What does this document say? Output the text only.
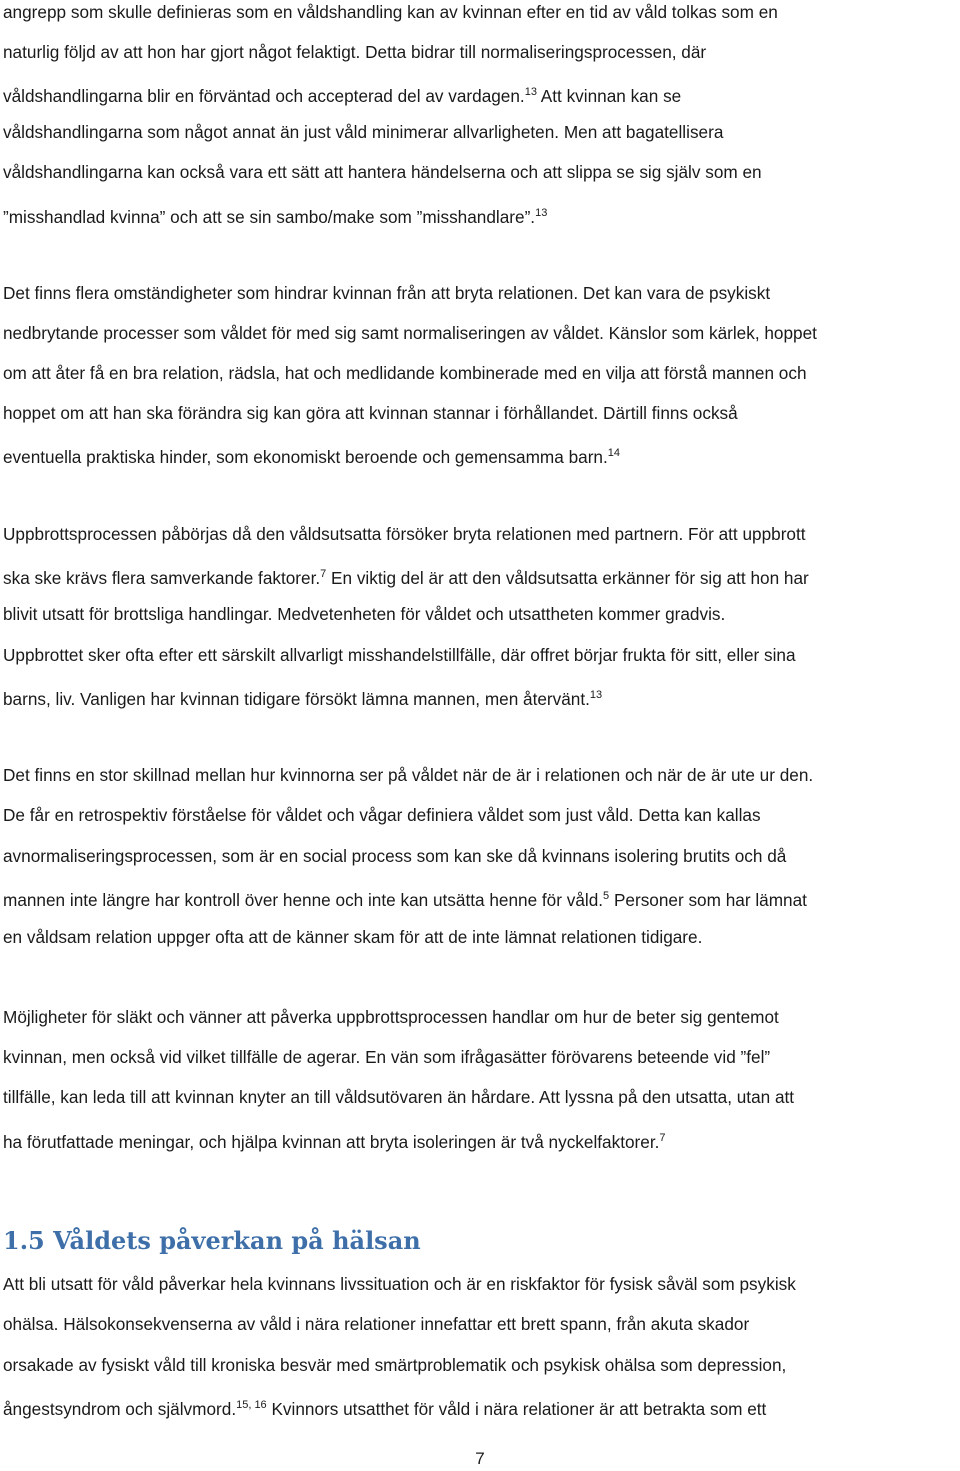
angrepp som skulle definieras som en våldshandling kan av kvinnan efter en tid av våld tolkas som en
naturlig följd av att hon har gjort något felaktigt. Detta bidrar till normaliseringsprocessen, där
våldshandlingarna blir en förväntad och accepterad del av vardagen.$^{13}$ Att kvinnan kan se
våldshandlingarna som något annat än just våld minimerar allvarligheten. Men att bagatellisera
våldshandlingarna kan också vara ett sätt att hantera händelserna och att slippa se sig själv som en
”misshandlad kvinna” och att se sin sambo/make som ”misshandlare”.$^{13}$
Det finns flera omständigheter som hindrar kvinnan från att bryta relationen. Det kan vara de psykiskt
nedbrytande processer som våldet för med sig samt normaliseringen av våldet. Känslor som kärlek, hoppet
om att åter få en bra relation, rädsla, hat och medlidande kombinerade med en vilja att förstå mannen och
hoppet om att han ska förändra sig kan göra att kvinnan stannar i förhållandet. Därtill finns också
eventuella praktiska hinder, som ekonomiskt beroende och gemensamma barn.$^{14}$
Uppbrottsprocessen påbörjas då den våldsutsatta försöker bryta relationen med partnern. För att uppbrott
ska ske krävs flera samverkande faktorer.$^7$ En viktig del är att den våldsutsatta erkänner för sig att hon har
blivit utsatt för brottsliga handlingar. Medvetenheten för våldet och utsattheten kommer gradvis.
Uppbrottet sker ofta efter ett särskilt allvarligt misshandelstillfälle, där offret börjar frukta för sitt, eller sina
barns, liv. Vanligen har kvinnan tidigare försökt lämna mannen, men återvänt.$^{13}$
Det finns en stor skillnad mellan hur kvinnorna ser på våldet när de är i relationen och när de är ute ur den.
De får en retrospektiv förståelse för våldet och vågar definiera våldet som just våld. Detta kan kallas
avnormaliseringsprocessen, som är en social process som kan ske då kvinnans isolering brutits och då
mannen inte längre har kontroll över henne och inte kan utsätta henne för våld.$^5$ Personer som har lämnat
en våldsam relation uppger ofta att de känner skam för att de inte lämnat relationen tidigare.
Möjligheter för släkt och vänner att påverka uppbrottsprocessen handlar om hur de beter sig gentemot
kvinnan, men också vid vilket tillfälle de agerar. En vän som ifrågasätter förövarens beteende vid ”fel”
tillfälle, kan leda till att kvinnan knyter an till våldsutövaren än hårdare. Att lyssna på den utsatta, utan att
ha förutfattade meningar, och hjälpa kvinnan att bryta isoleringen är två nyckelfaktorer.$^7$
1.5 Våldets påverkan på hälsan
Att bli utsatt för våld påverkar hela kvinnans livssituation och är en riskfaktor för fysisk såväl som psykisk
ohälsa. Hälsokonsekvenserna av våld i nära relationer innefattar ett brett spann, från akuta skador
orsakade av fysiskt våld till kroniska besvär med smärtproblematik och psykisk ohälsa som depression,
ångestsyndrom och självmord.$^{15, 16}$ Kvinnors utsatthet för våld i nära relationer är att betrakta som ett
7
